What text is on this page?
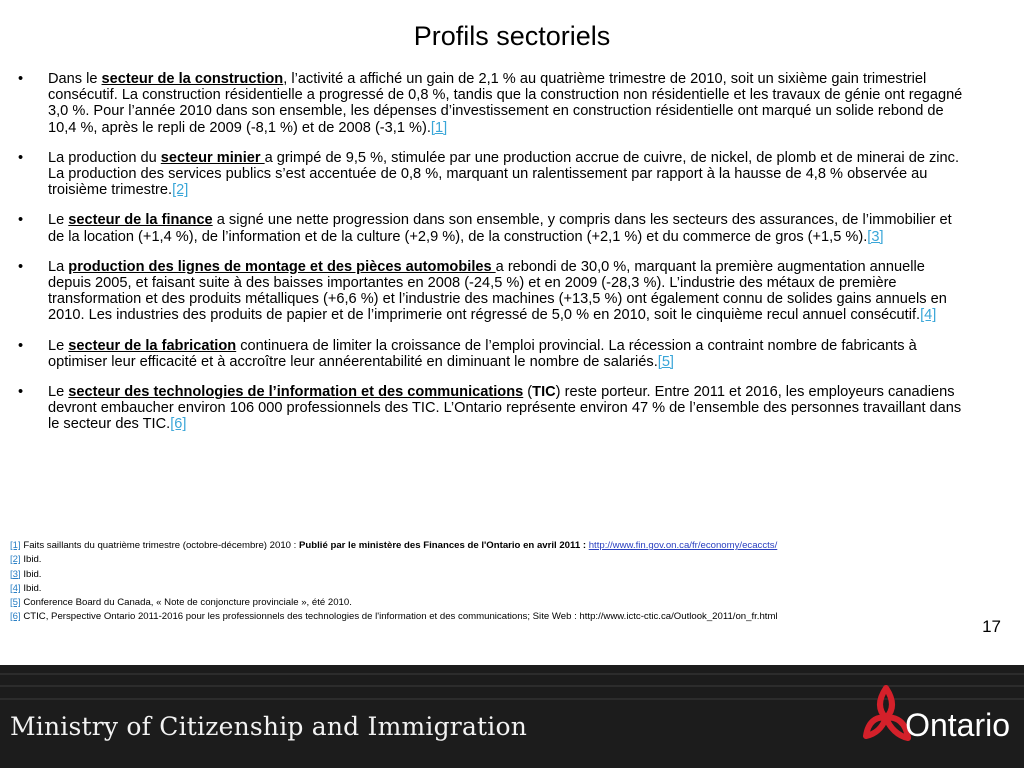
Profils sectoriels
•	Dans le secteur de la construction, l’activité a affiché un gain de 2,1 % au quatrième trimestre de 2010, soit un sixième gain trimestriel consécutif. La construction résidentielle a progressé de 0,8 %, tandis que la construction non résidentielle et les travaux de génie ont regagné 3,0 %. Pour l’année 2010 dans son ensemble, les dépenses d’investissement en construction résidentielle ont marqué un solide rebond de 10,4 %, après le repli de 2009 (-8,1 %) et de 2008 (-3,1 %).[1]
•	La production du secteur minier a grimpé de 9,5 %, stimulée par une production accrue de cuivre, de nickel, de plomb et de minerai de zinc. La production des services publics s’est accentuée de 0,8 %, marquant un ralentissement par rapport à la hausse de 4,8 % observée au troisième trimestre.[2]
•	Le secteur de la finance a signé une nette progression dans son ensemble, y compris dans les secteurs des assurances, de l’immobilier et de la location (+1,4 %), de l’information et de la culture (+2,9 %), de la construction (+2,1 %) et du commerce de gros (+1,5 %).[3]
•	La production des lignes de montage et des pièces automobiles a rebondi de 30,0 %, marquant la première augmentation annuelle depuis 2005, et faisant suite à des baisses importantes en 2008 (-24,5 %) et en 2009 (-28,3 %). L’industrie des métaux de première transformation et des produits métalliques (+6,6 %) et l’industrie des machines (+13,5 %) ont également connu de solides gains annuels en 2010. Les industries des produits de papier et de l’imprimerie ont régressé de 5,0 % en 2010, soit le cinquième recul annuel consécutif.[4]
•	Le secteur de la fabrication continuera de limiter la croissance de l’emploi provincial. La récession a contraint nombre de fabricants à optimiser leur efficacité et à accroître leur annéerentabilité en diminuant le nombre de salariés.[5]
•	Le secteur des technologies de l’information et des communications (TIC) reste porteur. Entre 2011 et 2016, les employeurs canadiens devront embaucher environ 106 000 professionnels des TIC. L’Ontario représente environ 47 % de l’ensemble des personnes travaillant dans le secteur des TIC.[6]
[1] Faits saillants du quatrième trimestre (octobre-décembre) 2010 : Publié par le ministère des Finances de l'Ontario en avril 2011 : http://www.fin.gov.on.ca/fr/economy/ecaccts/
[2] Ibid.
[3] Ibid.
[4] Ibid.
[5] Conference Board du Canada, « Note de conjoncture provinciale », été 2010.
[6] CTIC, Perspective Ontario 2011-2016 pour les professionnels des technologies de l'information et des communications; Site Web : http://www.ictc-ctic.ca/Outlook_2011/on_fr.html
17
Ministry of Citizenship and Immigration	Ontario
